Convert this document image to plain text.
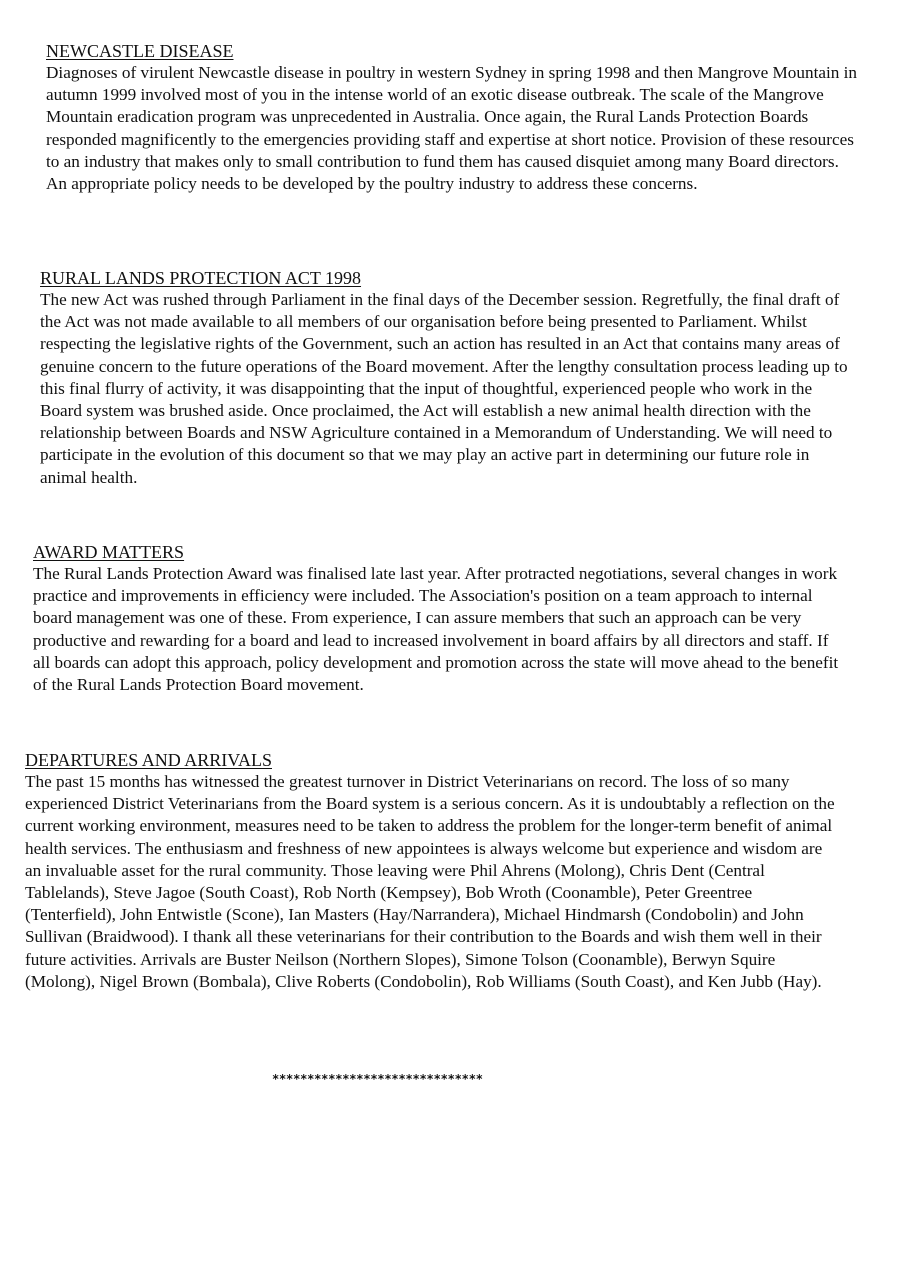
NEWCASTLE DISEASE

Diagnoses of virulent Newcastle disease in poultry in western Sydney in spring 1998 and then Mangrove Mountain in autumn 1999 involved most of you in the intense world of an exotic disease outbreak. The scale of the Mangrove Mountain eradication program was unprecedented in Australia. Once again, the Rural Lands Protection Boards responded magnificently to the emergencies providing staff and expertise at short notice. Provision of these resources to an industry that makes only to small contribution to fund them has caused disquiet among many Board directors. An appropriate policy needs to be developed by the poultry industry to address these concerns.

RURAL LANDS PROTECTION ACT 1998

The new Act was rushed through Parliament in the final days of the December session. Regretfully, the final draft of the Act was not made available to all members of our organisation before being presented to Parliament. Whilst respecting the legislative rights of the Government, such an action has resulted in an Act that contains many areas of genuine concern to the future operations of the Board movement. After the lengthy consultation process leading up to this final flurry of activity, it was disappointing that the input of thoughtful, experienced people who work in the Board system was brushed aside. Once proclaimed, the Act will establish a new animal health direction with the relationship between Boards and NSW Agriculture contained in a Memorandum of Understanding. We will need to participate in the evolution of this document so that we may play an active part in determining our future role in animal health.

AWARD MATTERS

The Rural Lands Protection Award was finalised late last year. After protracted negotiations, several changes in work practice and improvements in efficiency were included. The Association's position on a team approach to internal board management was one of these. From experience, I can assure members that such an approach can be very productive and rewarding for a board and lead to increased involvement in board affairs by all directors and staff. If all boards can adopt this approach, policy development and promotion across the state will move ahead to the benefit of the Rural Lands Protection Board movement.

DEPARTURES AND ARRIVALS

The past 15 months has witnessed the greatest turnover in District Veterinarians on record. The loss of so many experienced District Veterinarians from the Board system is a serious concern. As it is undoubtably a reflection on the current working environment, measures need to be taken to address the problem for the longer-term benefit of animal health services. The enthusiasm and freshness of new appointees is always welcome but experience and wisdom are an invaluable asset for the rural community. Those leaving were Phil Ahrens (Molong), Chris Dent (Central Tablelands), Steve Jagoe (South Coast), Rob North (Kempsey), Bob Wroth (Coonamble), Peter Greentree (Tenterfield), John Entwistle (Scone), Ian Masters (Hay/Narrandera), Michael Hindmarsh (Condobolin) and John Sullivan (Braidwood). I thank all these veterinarians for their contribution to the Boards and wish them well in their future activities. Arrivals are Buster Neilson (Northern Slopes), Simone Tolson (Coonamble), Berwyn Squire (Molong), Nigel Brown (Bombala), Clive Roberts (Condobolin), Rob Williams (South Coast), and Ken Jubb (Hay).

******************************
